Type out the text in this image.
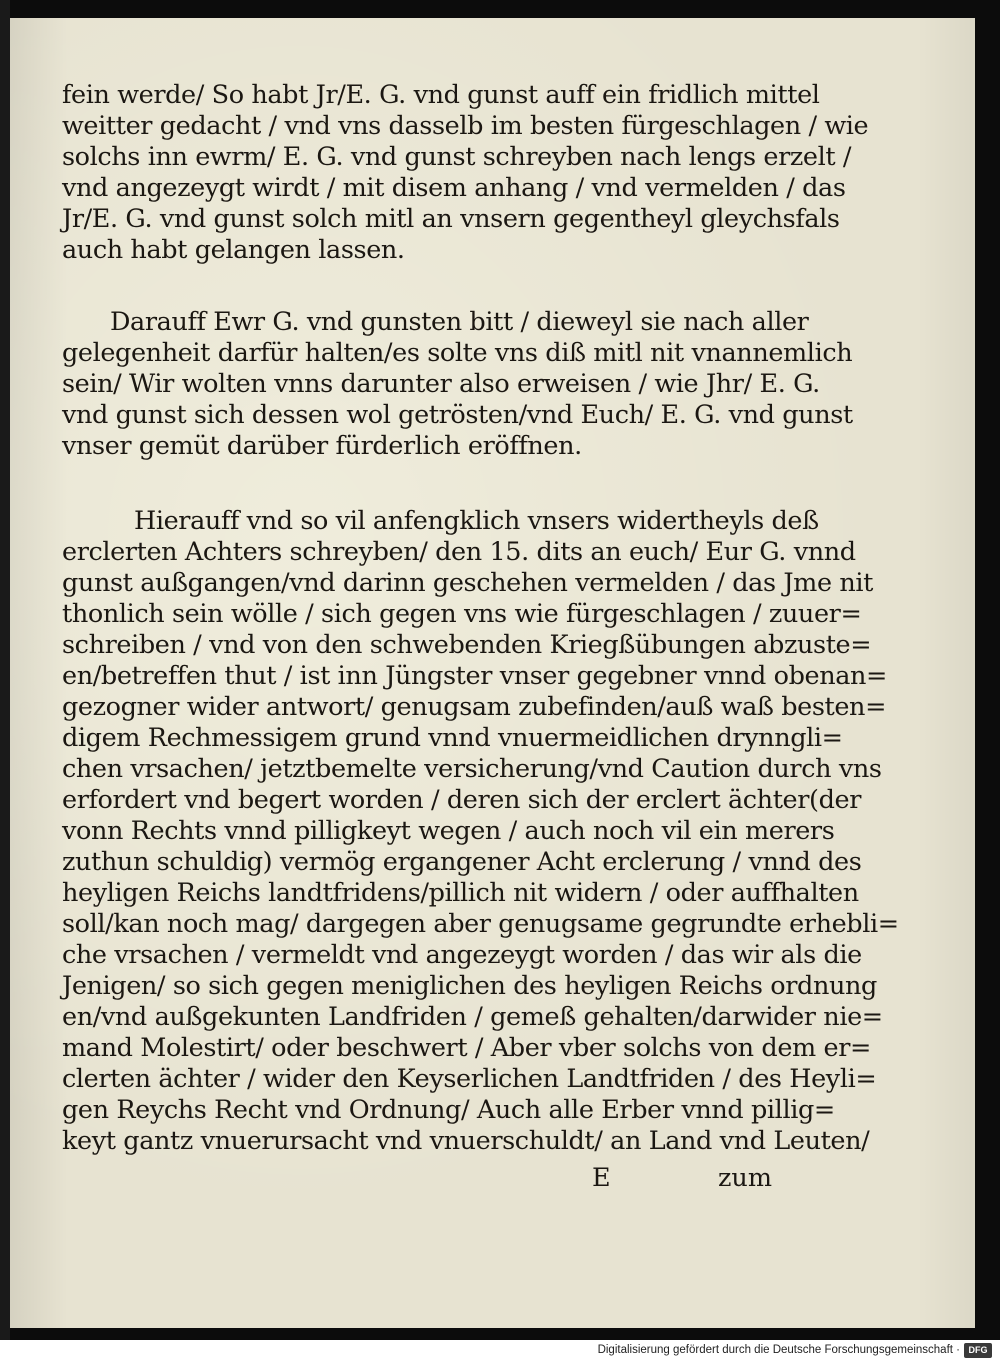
fein werde/ So habt Jr/E. G. vnd gunst auff ein fridlich mittel
weitter gedacht / vnd vns dasselb im besten fürgeschlagen / wie
solchs inn ewrm/ E. G. vnd gunst schreyben nach lengs erzelt /
vnd angezeygt wirdt / mit disem anhang / vnd vermelden / das
Jr/E. G. vnd gunst solch mitl an vnsern gegentheyl gleychsfals
auch habt gelangen lassen.
Darauff Ewr G. vnd gunsten bitt / dieweyl sie nach aller
gelegenheit darfür halten/es solte vns diß mitl nit vnannemlich
sein/ Wir wolten vnns darunter also erweisen / wie Jhr/ E. G.
vnd gunst sich dessen wol getrösten/vnd Euch/ E. G. vnd gunst
vnser gemüt darüber fürderlich eröffnen.
Hierauff vnd so vil anfengklich vnsers widertheyls deß
erclerten Achters schreyben/ den 15. dits an euch/ Eur G. vnnd
gunst außgangen/vnd darinn geschehen vermelden / das Jme nit
thonlich sein wölle / sich gegen vns wie fürgeschlagen / zuuer=
schreiben / vnd von den schwebenden Kriegßübungen abzuste=
en/betreffen thut / ist inn Jüngster vnser gegebner vnnd obenan=
gezogner wider antwort/ genugsam zubefinden/auß waß besten=
digem Rechmessigem grund vnnd vnuermeidlichen drynngli=
chen vrsachen/ jetztbemelte versicherung/vnd Caution durch vns
erfordert vnd begert worden / deren sich der erclert ächter(der
vonn Rechts vnnd pilligkeyt wegen / auch noch vil ein merers
zuthun schuldig) vermög ergangener Acht erclerung / vnnd des
heyligen Reichs landtfridens/pillich nit widern / oder auffhalten
soll/kan noch mag/ dargegen aber genugsame gegrundte erhebli=
che vrsachen / vermeldt vnd angezeygt worden / das wir als die
Jenigen/ so sich gegen meniglichen des heyligen Reichs ordnung
en/vnd außgekunten Landfriden / gemeß gehalten/darwider nie=
mand Molestirt/ oder beschwert / Aber vber solchs von dem er=
clerten ächter / wider den Keyserlichen Landtfriden / des Heyli=
gen Reychs Recht vnd Ordnung/ Auch alle Erber vnnd pillig=
keyt gantz vnuerursacht vnd vnuerschuldt/ an Land vnd Leuten/
E	zum
Digitalisierung gefördert durch die Deutsche Forschungsgemeinschaft · DFG
